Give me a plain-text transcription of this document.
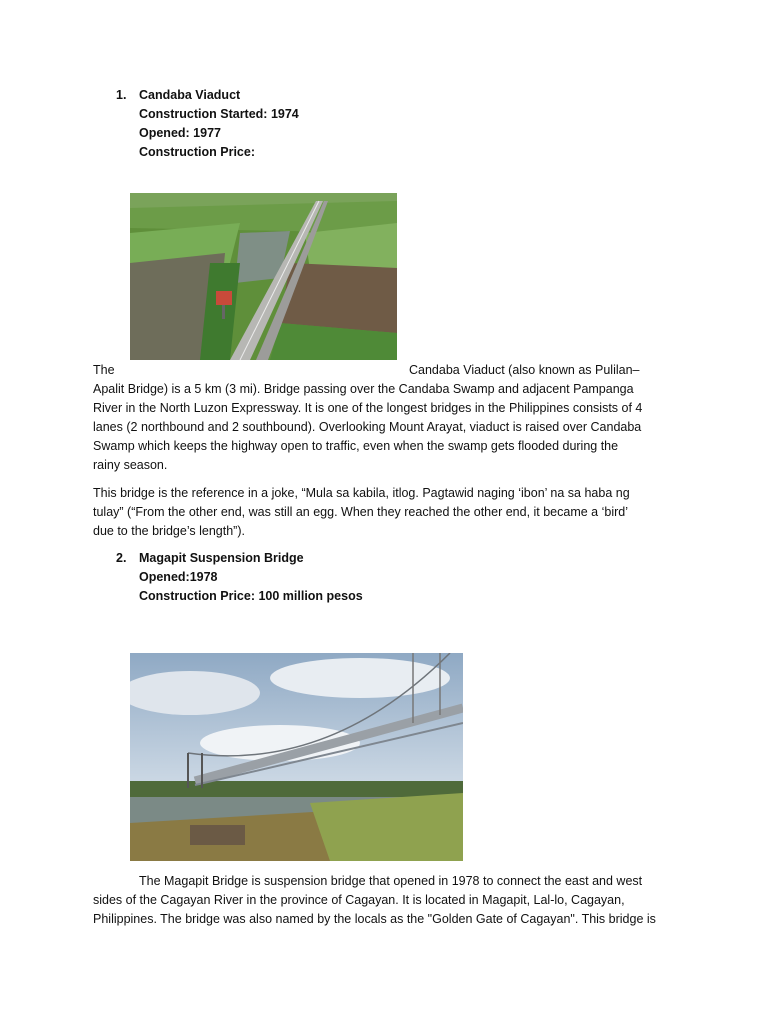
1. Candaba Viaduct
Construction Started: 1974
Opened: 1977
Construction Price:
The	Candaba Viaduct (also known as Pulilan–
Apalit Bridge) is a 5 km (3 mi). Bridge passing over the Candaba Swamp and adjacent Pampanga
River in the North Luzon Expressway. It is one of the longest bridges in the Philippines consists of 4
lanes (2 northbound and 2 southbound). Overlooking Mount Arayat, viaduct is raised over Candaba
Swamp which keeps the highway open to traffic, even when the swamp gets flooded during the
rainy season.
This bridge is the reference in a joke, “Mula sa kabila, itlog. Pagtawid naging ‘ibon’ na sa haba ng
tulay” (“From the other end, was still an egg. When they reached the other end, it became a ‘bird’
due to the bridge’s length”).
2. Magapit Suspension Bridge
Opened:1978
Construction Price: 100 million pesos
The Magapit Bridge is suspension bridge that opened in 1978 to connect the east and west
sides of the Cagayan River in the province of Cagayan. It is located in Magapit, Lal-lo, Cagayan,
Philippines. The bridge was also named by the locals as the "Golden Gate of Cagayan". This bridge is
